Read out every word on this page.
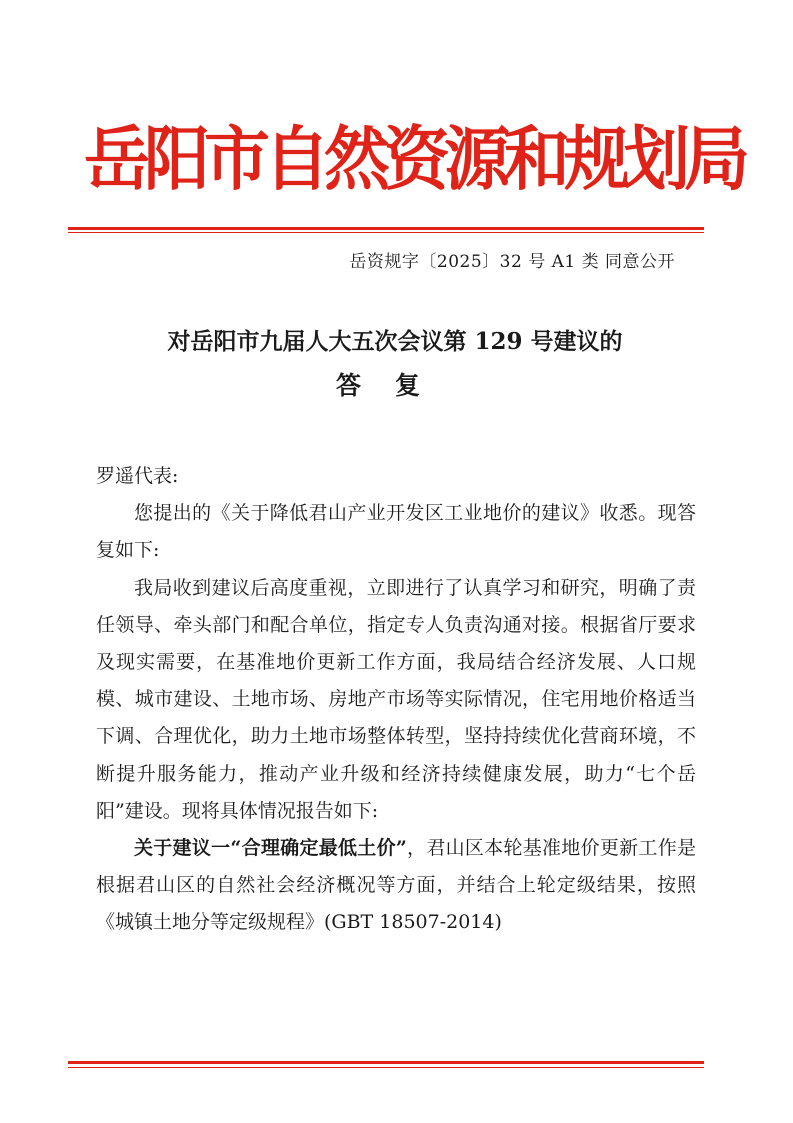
岳阳市自然资源和规划局
岳资规字〔2025〕32 号 A1 类 同意公开
对岳阳市九届人大五次会议第 129 号建议的
答复

罗遥代表:

您提出的《关于降低君山产业开发区工业地价的建议》收悉。现答复如下:

我局收到建议后高度重视，立即进行了认真学习和研究，明确了责任领导、牵头部门和配合单位，指定专人负责沟通对接。根据省厅要求及现实需要，在基准地价更新工作方面，我局结合经济发展、人口规模、城市建设、土地市场、房地产市场等实际情况，住宅用地价格适当下调、合理优化，助力土地市场整体转型，坚持持续优化营商环境，不断提升服务能力，推动产业升级和经济持续健康发展，助力“七个岳阳”建设。现将具体情况报告如下:

关于建议一“合理确定最低土价”，君山区本轮基准地价更新工作是根据君山区的自然社会经济概况等方面，并结合上轮定级结果，按照《城镇土地分等定级规程》(GBT 18507-2014)
